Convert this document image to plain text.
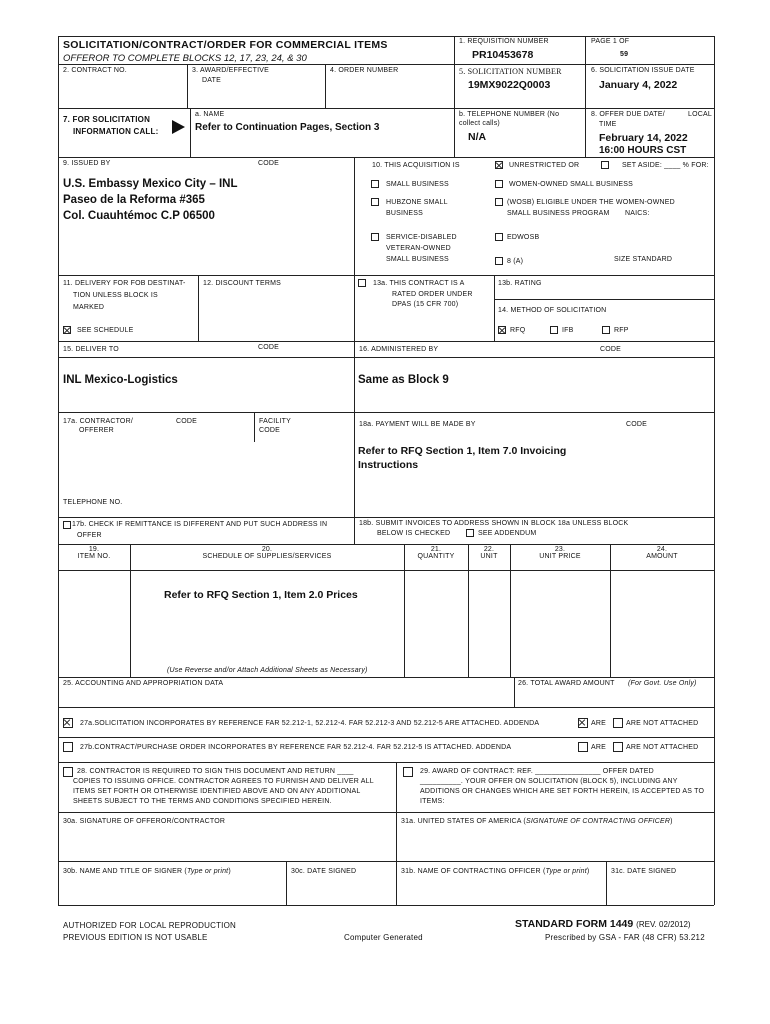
SOLICITATION/CONTRACT/ORDER FOR COMMERCIAL ITEMS
OFFEROR TO COMPLETE BLOCKS 12, 17, 23, 24, & 30
1. REQUISITION NUMBER
PR10453678
PAGE 1 OF
59
2. CONTRACT NO.	3. AWARD/EFFECTIVE
DATE
4. ORDER NUMBER	5. SOLICITATION NUMBER
19MX9022Q0003
6. SOLICITATION ISSUE DATE
January 4, 2022
7. FOR SOLICITATION
INFORMATION CALL:
a. NAME
Refer to Continuation Pages, Section 3
b. TELEPHONE NUMBER (No
collect calls)
N/A
8. OFFER DUE DATE/	LOCAL
TIME
February 14, 2022
16:00 HOURS CST
9. ISSUED BY	CODE
U.S. Embassy Mexico City – INL
Paseo de la Reforma #365
Col. Cuauhtémoc C.P 06500
10. THIS ACQUISITION IS	UNRESTRICTED OR	SET ASIDE: ____ % FOR:
SMALL BUSINESS	WOMEN-OWNED SMALL BUSINESS
HUBZONE SMALL
BUSINESS
(WOSB) ELIGIBLE UNDER THE WOMEN-OWNED
SMALL BUSINESS PROGRAM NAICS:
SERVICE-DISABLED
VETERAN-OWNED
SMALL BUSINESS
EDWOSB
8 (A)	SIZE STANDARD
11. DELIVERY FOR FOB DESTINAT-
TION UNLESS BLOCK IS
MARKED
SEE SCHEDULE
12. DISCOUNT TERMS	13a. THIS CONTRACT IS A
RATED ORDER UNDER
DPAS (15 CFR 700)
13b. RATING
14. METHOD OF SOLICITATION
RFQ	IFB	RFP
15. DELIVER TO	CODE
INL Mexico-Logistics
16. ADMINISTERED BY	CODE
Same as Block 9
17a. CONTRACTOR/
OFFERER
CODE	FACILITY
CODE
18a. PAYMENT WILL BE MADE BY	CODE
Refer to RFQ Section 1, Item 7.0 Invoicing
Instructions
TELEPHONE NO.
17b. CHECK IF REMITTANCE IS DIFFERENT AND PUT SUCH ADDRESS IN
OFFER
18b. SUBMIT INVOICES TO ADDRESS SHOWN IN BLOCK 18a UNLESS BLOCK
BELOW IS CHECKED	SEE ADDENDUM
19.
ITEM NO.
20.
SCHEDULE OF SUPPLIES/SERVICES
21.
QUANTITY
22.
UNIT
23.
UNIT PRICE
24.
AMOUNT
Refer to RFQ Section 1, Item 2.0 Prices
(Use Reverse and/or Attach Additional Sheets as Necessary)
25. ACCOUNTING AND APPROPRIATION DATA	26. TOTAL AWARD AMOUNT (For Govt. Use Only)
27a.SOLICITATION INCORPORATES BY REFERENCE FAR 52.212-1, 52.212-4. FAR 52.212-3 AND 52.212-5 ARE ATTACHED. ADDENDA	ARE	ARE NOT ATTACHED
27b.CONTRACT/PURCHASE ORDER INCORPORATES BY REFERENCE FAR 52.212-4. FAR 52.212-5 IS ATTACHED. ADDENDA	ARE	ARE NOT ATTACHED
28. CONTRACTOR IS REQUIRED TO SIGN THIS DOCUMENT AND RETURN ____
COPIES TO ISSUING OFFICE. CONTRACTOR AGREES TO FURNISH AND DELIVER ALL
ITEMS SET FORTH OR OTHERWISE IDENTIFIED ABOVE AND ON ANY ADDITIONAL
SHEETS SUBJECT TO THE TERMS AND CONDITIONS SPECIFIED HEREIN.
29. AWARD OF CONTRACT: REF. ________________ OFFER DATED
__________. YOUR OFFER ON SOLICITATION (BLOCK 5), INCLUDING ANY
ADDITIONS OR CHANGES WHICH ARE SET FORTH HEREIN, IS ACCEPTED AS TO
ITEMS:
30a. SIGNATURE OF OFFEROR/CONTRACTOR	31a. UNITED STATES OF AMERICA (SIGNATURE OF CONTRACTING OFFICER)
30b. NAME AND TITLE OF SIGNER (Type or print)	30c. DATE SIGNED	31b. NAME OF CONTRACTING OFFICER (Type or print)	31c. DATE SIGNED
AUTHORIZED FOR LOCAL REPRODUCTION
PREVIOUS EDITION IS NOT USABLE	Computer Generated
STANDARD FORM 1449 (REV. 02/2012)
Prescribed by GSA - FAR (48 CFR) 53.212
